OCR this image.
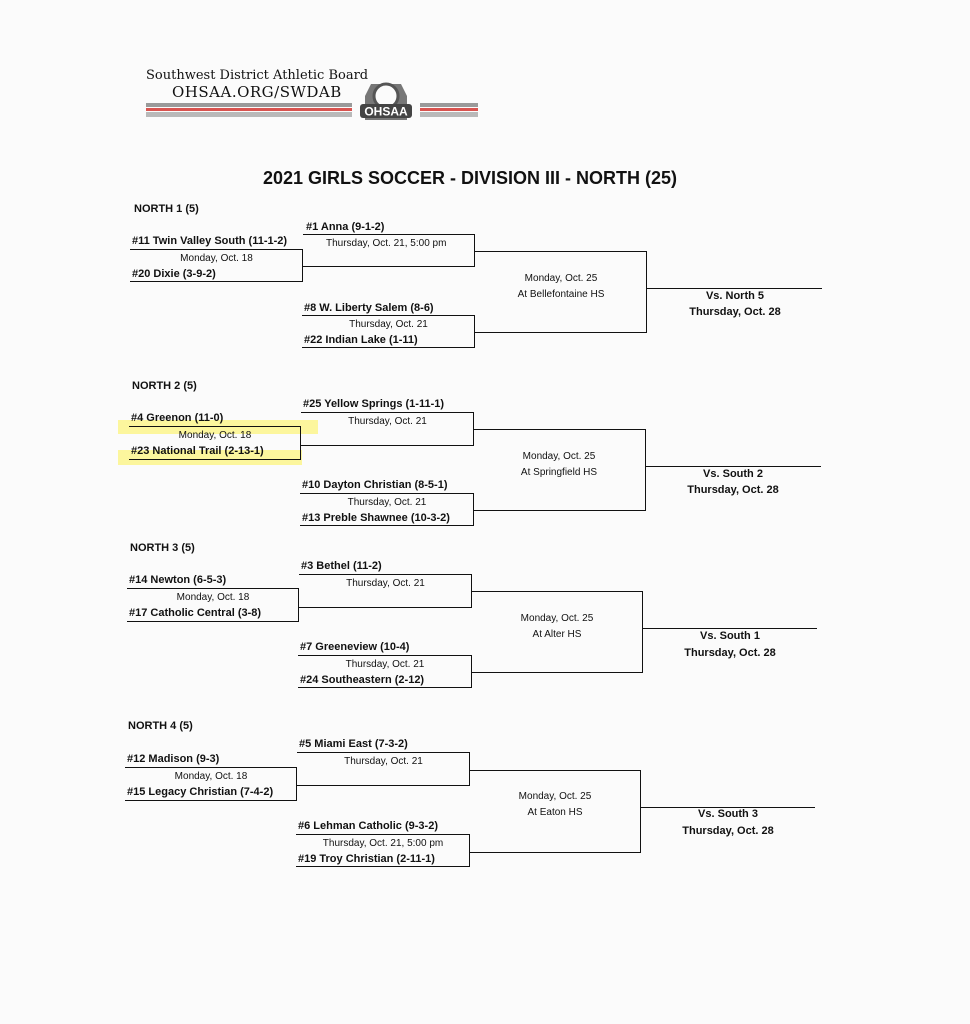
Southwest District Athletic Board
OHSAA.ORG/SWDAB
OHSAA
2021 GIRLS SOCCER - DIVISION III - NORTH (25)
NORTH 1 (5)
#1 Anna (9-1-2)
Thursday, Oct. 21, 5:00 pm
#11 Twin Valley South (11-1-2)
Monday, Oct. 18
#20 Dixie (3-9-2)
#8 W. Liberty Salem (8-6)
Thursday, Oct. 21
#22 Indian Lake (1-11)
Monday, Oct. 25
At Bellefontaine HS	Vs. North 5
Thursday, Oct. 28
NORTH 2 (5)
#25 Yellow Springs (1-11-1)
Thursday, Oct. 21
#4 Greenon (11-0)
Monday, Oct. 18
#23 National Trail (2-13-1)
#10 Dayton Christian (8-5-1)
Thursday, Oct. 21
#13 Preble Shawnee (10-3-2)
Monday, Oct. 25
At Springfield HS	Vs. South 2
Thursday, Oct. 28
NORTH 3 (5)
#3 Bethel (11-2)
Thursday, Oct. 21
#14 Newton (6-5-3)
Monday, Oct. 18
#17 Catholic Central (3-8)
#7 Greeneview (10-4)
Thursday, Oct. 21
#24 Southeastern (2-12)
Monday, Oct. 25
At Alter HS	Vs. South 1
Thursday, Oct. 28
NORTH 4 (5)
#5 Miami East (7-3-2)
Thursday, Oct. 21
#12 Madison (9-3)
Monday, Oct. 18
#15 Legacy Christian (7-4-2)
#6 Lehman Catholic (9-3-2)
Thursday, Oct. 21, 5:00 pm
#19 Troy Christian (2-11-1)
Monday, Oct. 25
At Eaton HS	Vs. South 3
Thursday, Oct. 28
